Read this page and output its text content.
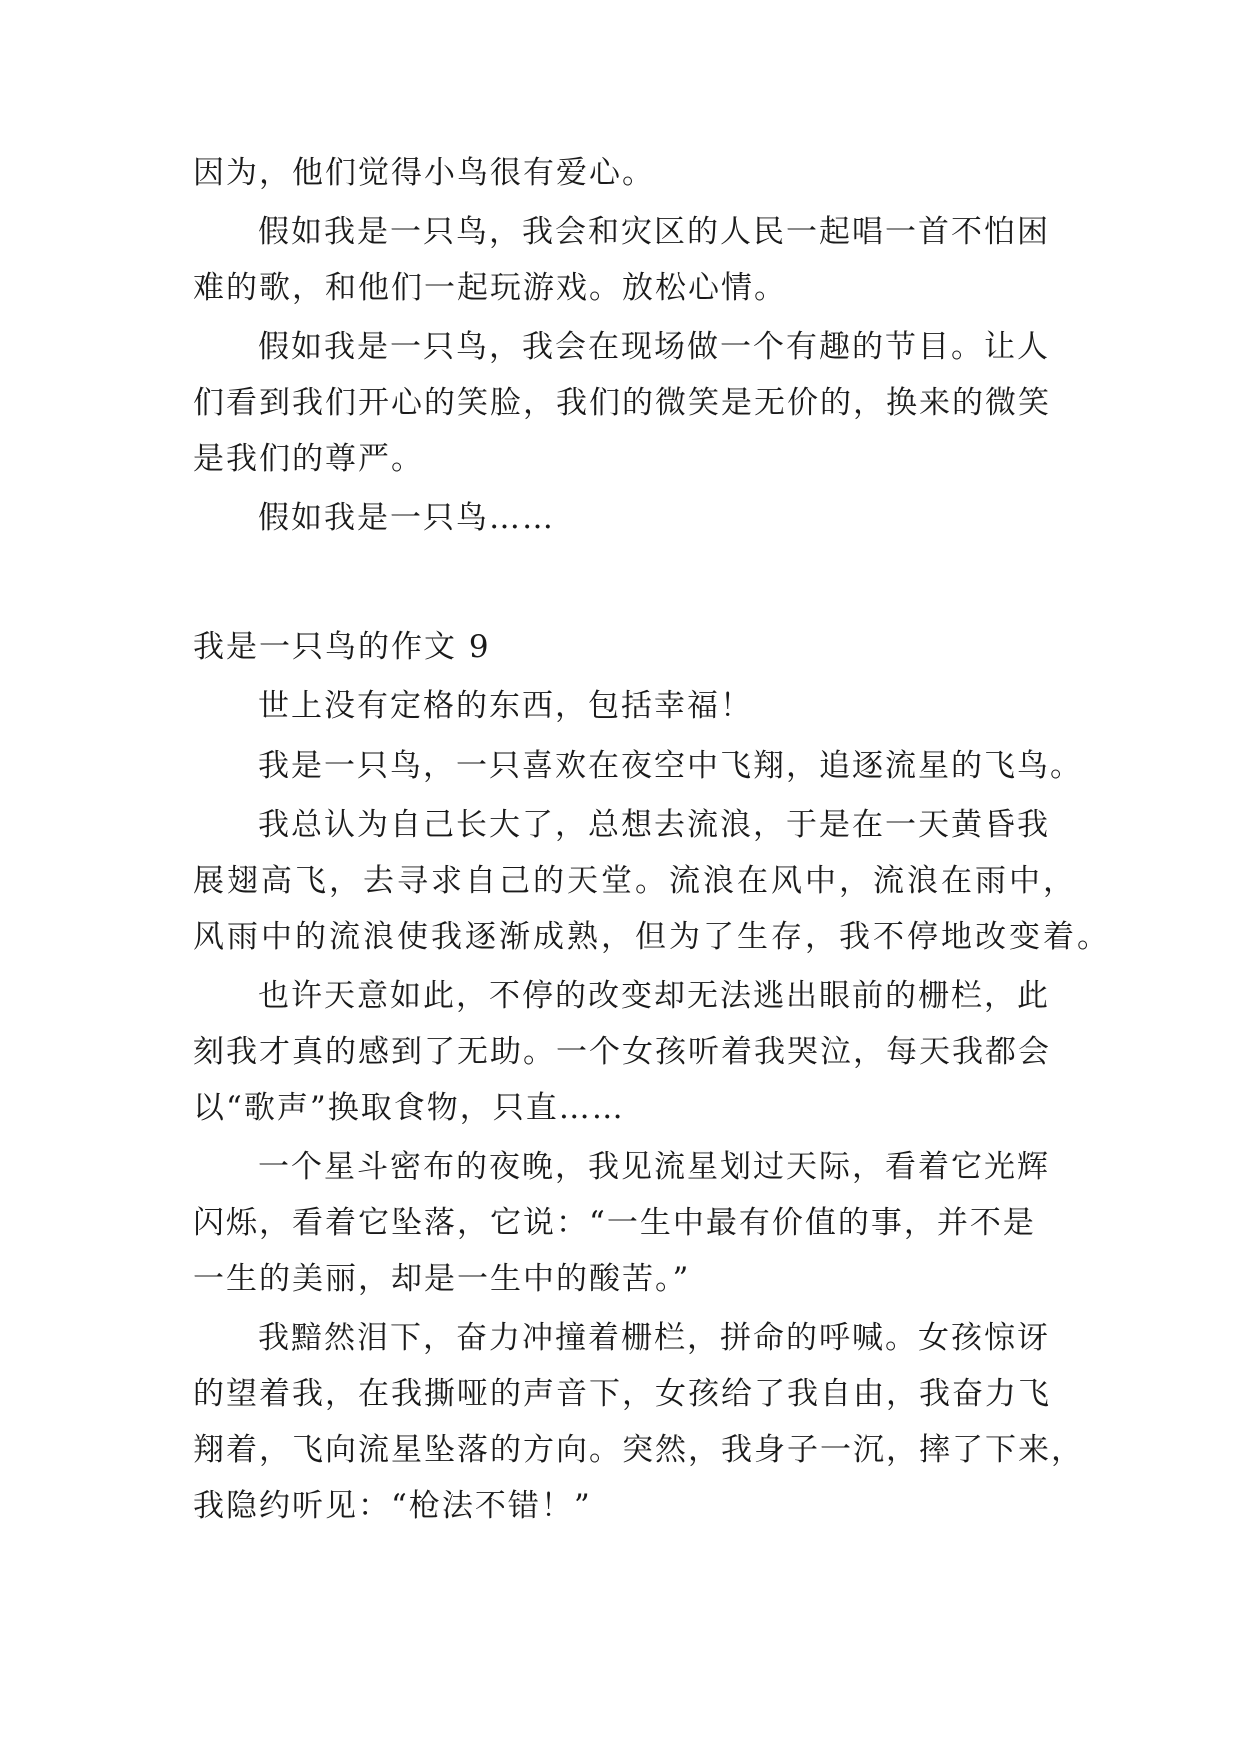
因为，他们觉得小鸟很有爱心。

假如我是一只鸟，我会和灾区的人民一起唱一首不怕困

难的歌，和他们一起玩游戏。放松心情。

假如我是一只鸟，我会在现场做一个有趣的节目。让人

们看到我们开心的笑脸，我们的微笑是无价的，换来的微笑

是我们的尊严。

假如我是一只鸟……

我是一只鸟的作文 9

世上没有定格的东西，包括幸福！

我是一只鸟，一只喜欢在夜空中飞翔，追逐流星的飞鸟。

我总认为自己长大了，总想去流浪，于是在一天黄昏我

展翅高飞，去寻求自己的天堂。流浪在风中，流浪在雨中，

风雨中的流浪使我逐渐成熟，但为了生存，我不停地改变着。

也许天意如此，不停的改变却无法逃出眼前的栅栏，此

刻我才真的感到了无助。一个女孩听着我哭泣，每天我都会

以“歌声”换取食物，只直……

一个星斗密布的夜晚，我见流星划过天际，看着它光辉

闪烁，看着它坠落，它说：“一生中最有价值的事，并不是

一生的美丽，却是一生中的酸苦。”

我黯然泪下，奋力冲撞着栅栏，拼命的呼喊。女孩惊讶

的望着我，在我撕哑的声音下，女孩给了我自由，我奋力飞

翔着，飞向流星坠落的方向。突然，我身子一沉，摔了下来，

我隐约听见：“枪法不错！”
